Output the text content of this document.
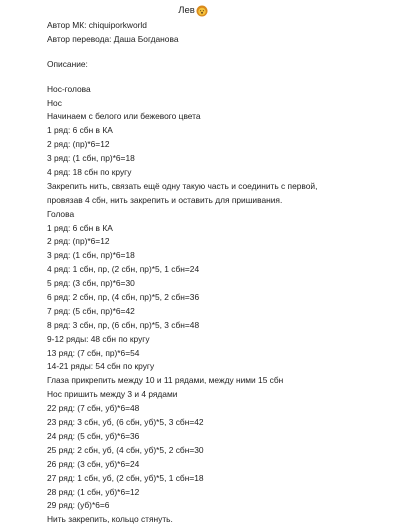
Лев
Автор МК: chiquiporkworld
Автор перевода: Даша Богданова
Описание:
Нос-голова
Нос
Начинаем с белого или бежевого цвета
1 ряд: 6 сбн в КА
2 ряд: (пр)*6=12
3 ряд: (1 сбн, пр)*6=18
4 ряд: 18 сбн по кругу
Закрепить нить, связать ещё одну такую часть и соединить с первой,
провязав 4 сбн, нить закрепить и оставить для пришивания.
Голова
1 ряд: 6 сбн в КА
2 ряд: (пр)*6=12
3 ряд: (1 сбн, пр)*6=18
4 ряд: 1 сбн, пр, (2 сбн, пр)*5, 1 сбн=24
5 ряд: (3 сбн, пр)*6=30
6 ряд: 2 сбн, пр, (4 сбн, пр)*5, 2 сбн=36
7 ряд: (5 сбн, пр)*6=42
8 ряд: 3 сбн, пр, (6 сбн, пр)*5, 3 сбн=48
9-12 ряды: 48 сбн по кругу
13 ряд: (7 сбн, пр)*6=54
14-21 ряды: 54 сбн по кругу
Глаза прикрепить между 10 и 11 рядами, между ними 15 сбн
Нос пришить между 3 и 4 рядами
22 ряд: (7 сбн, уб)*6=48
23 ряд: 3 сбн, уб, (6 сбн, уб)*5, 3 сбн=42
24 ряд: (5 сбн, уб)*6=36
25 ряд: 2 сбн, уб, (4 сбн, уб)*5, 2 сбн=30
26 ряд: (3 сбн, уб)*6=24
27 ряд: 1 сбн, уб, (2 сбн, уб)*5, 1 сбн=18
28 ряд: (1 сбн, уб)*6=12
29 ряд: (уб)*6=6
Нить закрепить, кольцо стянуть.
